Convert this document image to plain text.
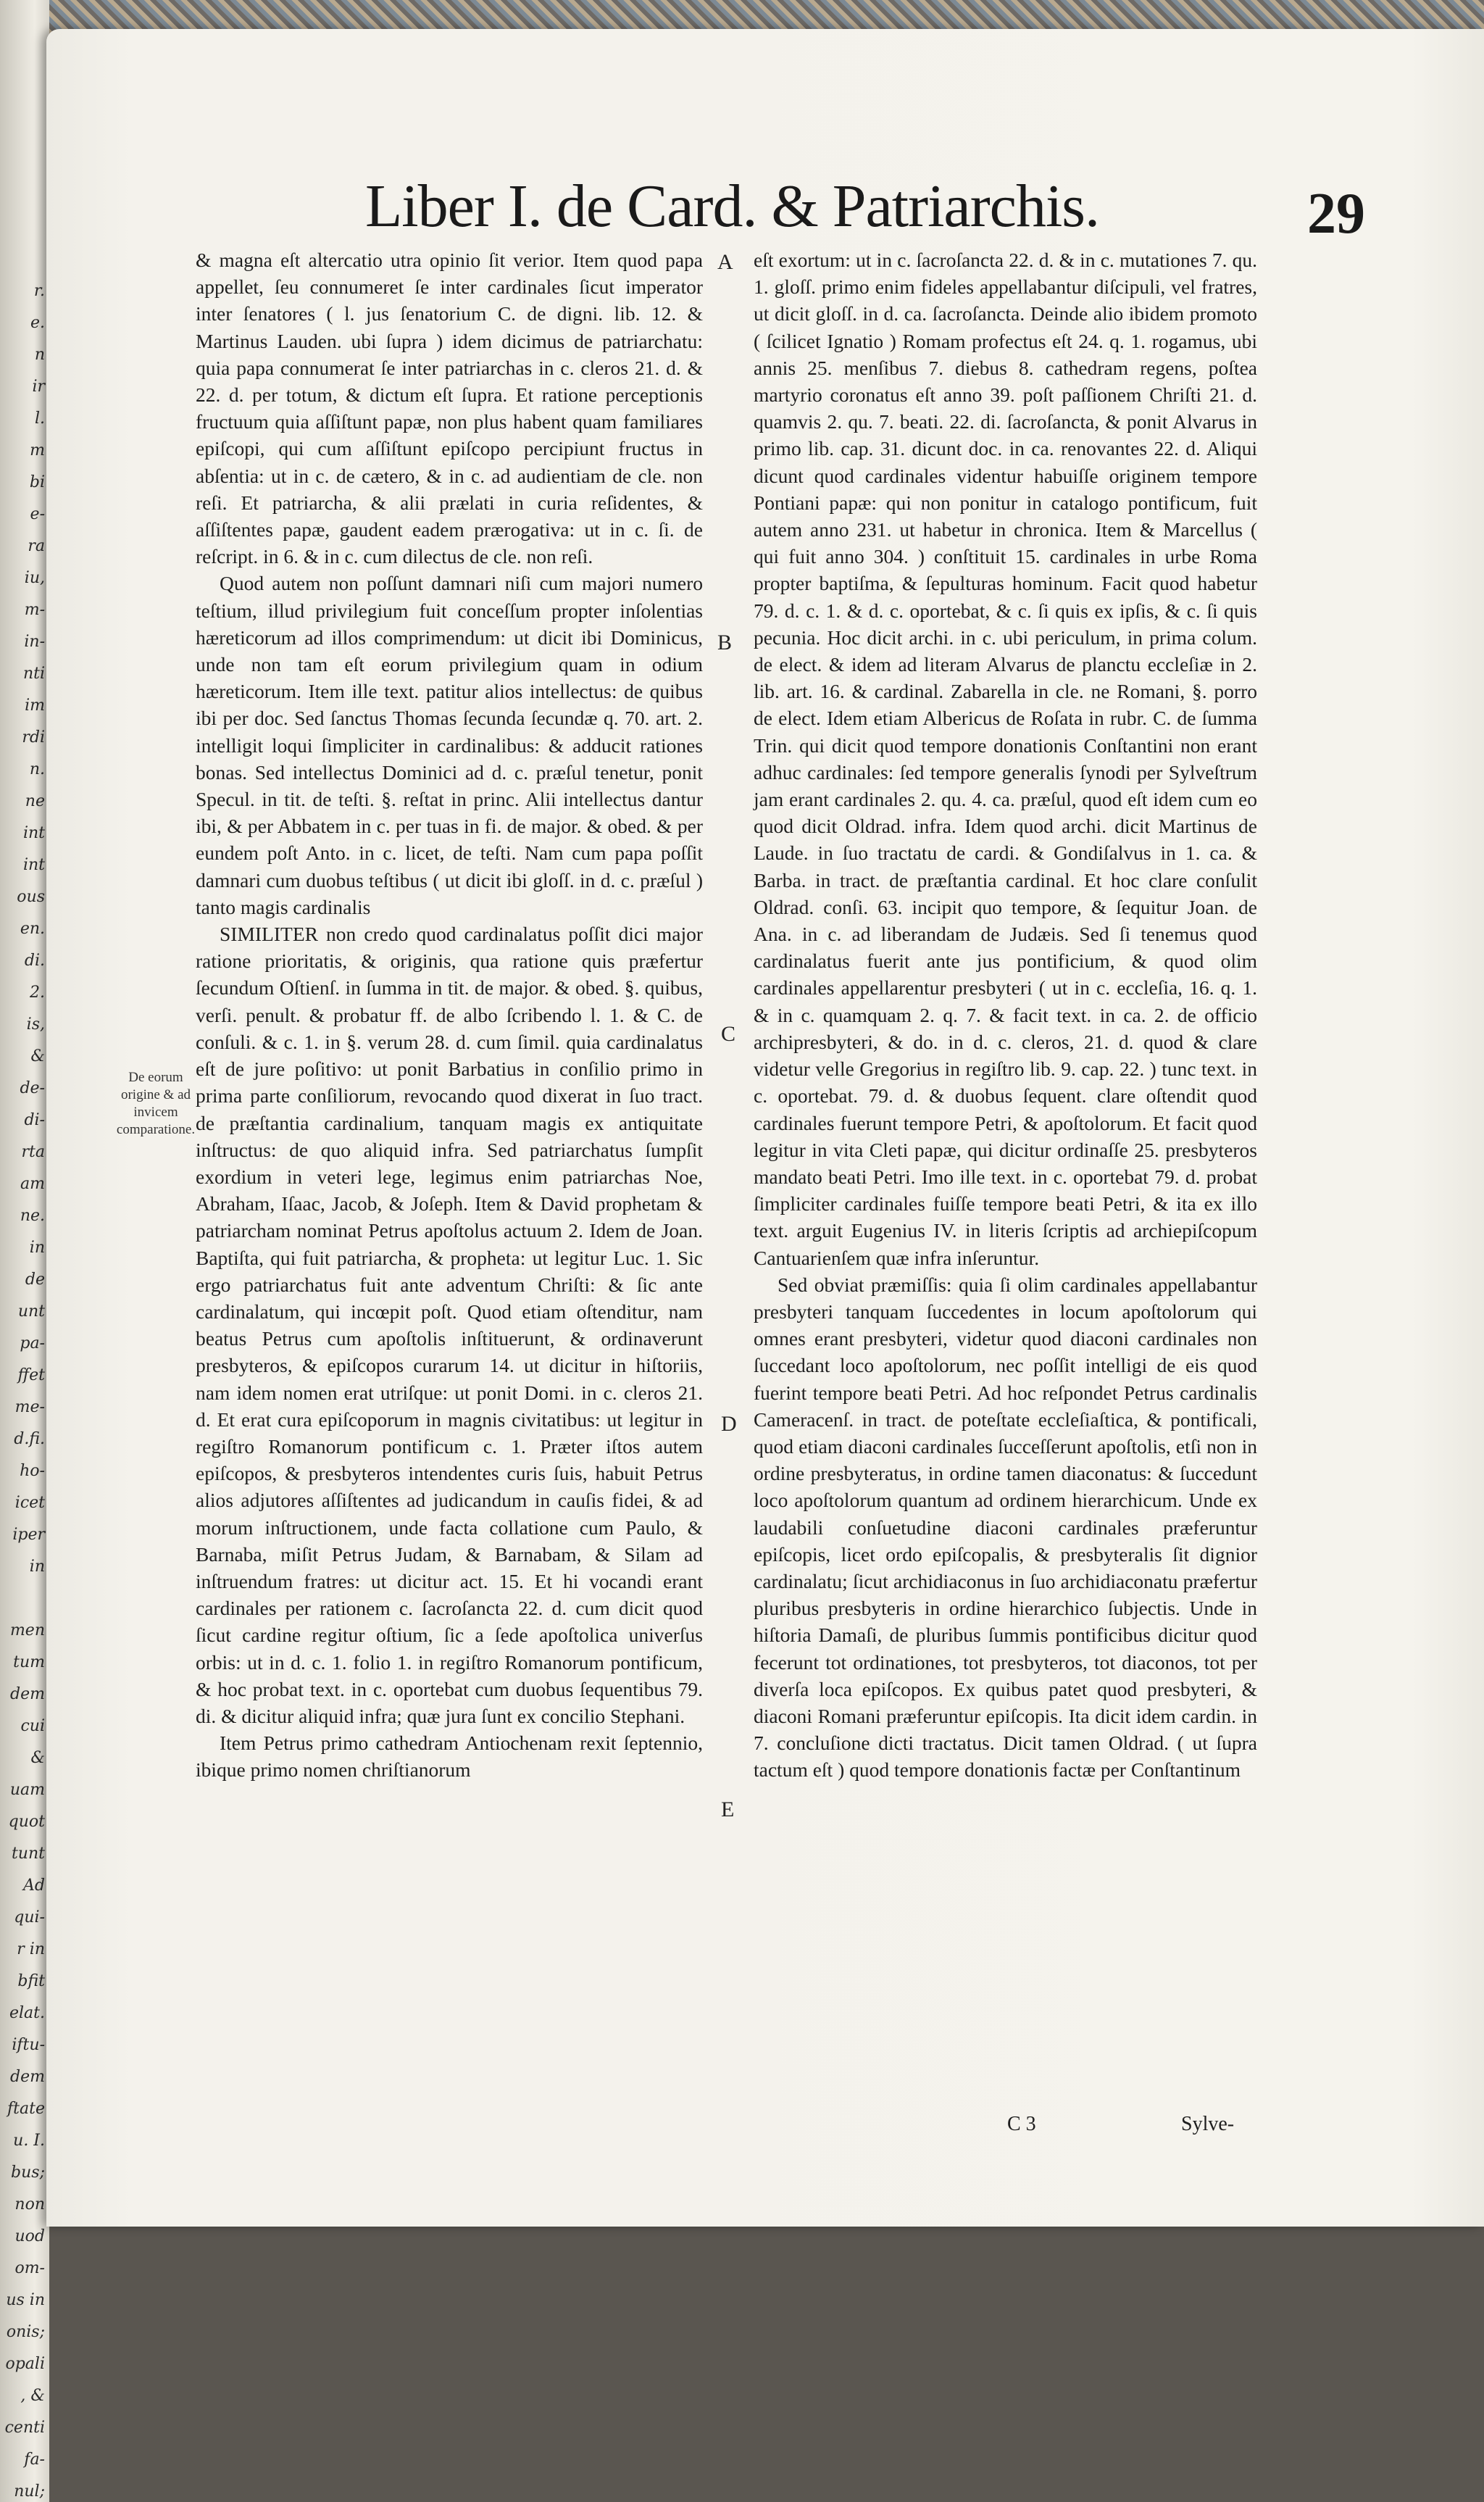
r.
e.
n
ir
l.
m
bi
e-
ra
iu,
m-
in-
nti
im
rdi
n.
ne
int
int
ous
en.
di.
2.
is,
&
de-
di-
rta
am
ne.
in
de
unt
pa-
ffet
me-
d.fi.
ho-
icet
iper
in

men
tum
dem
cui
&
uam
quot
tunt
Ad
qui-
r in
bfit
elat.
iftu-
dem
ftate
u. I.
bus;
non
uod
om-
us in
onis;
opali
, &
centi
fa-
nul;
Liber I. de Card. & Patriarchis.	29

& magna eſt altercatio utra opinio ſit verior. Item quod papa appellet, ſeu connumeret ſe inter cardinales ſicut imperator inter ſenatores ( l. jus ſenatorium C. de digni. lib. 12. & Martinus Lauden. ubi ſupra ) idem dicimus de patriarchatu: quia papa connumerat ſe inter patriarchas in c. cleros 21. d. & 22. d. per totum, & dictum eſt ſupra. Et ratione perceptionis fructuum quia aſſiſtunt papæ, non plus habent quam familiares epiſcopi, qui cum aſſiſtunt epiſcopo percipiunt fructus in abſentia: ut in c. de cætero, & in c. ad audientiam de cle. non reſi. Et patriarcha, & alii prælati in curia reſidentes, & aſſiſtentes papæ, gaudent eadem prærogativa: ut in c. ſi. de reſcript. in 6. & in c. cum dilectus de cle. non reſi.

Quod autem non poſſunt damnari niſi cum majori numero teſtium, illud privilegium fuit conceſſum propter inſolentias hæreticorum ad illos comprimendum: ut dicit ibi Dominicus, unde non tam eſt eorum privilegium quam in odium hæreticorum. Item ille text. patitur alios intellectus: de quibus ibi per doc. Sed ſanctus Thomas ſecunda ſecundæ q. 70. art. 2. intelligit loqui ſimpliciter in cardinalibus: & adducit rationes bonas. Sed intellectus Dominici ad d. c. præſul tenetur, ponit Specul. in tit. de teſti. §. reſtat in princ. Alii intellectus dantur ibi, & per Abbatem in c. per tuas in fi. de major. & obed. & per eundem poſt Anto. in c. licet, de teſti. Nam cum papa poſſit damnari cum duobus teſtibus ( ut dicit ibi gloſſ. in d. c. præſul ) tanto magis cardinalis

SIMILITER non credo quod cardinalatus poſſit dici major ratione prioritatis, & originis, qua ratione quis præfertur ſecundum Oſtienſ. in ſumma in tit. de major. & obed. §. quibus, verſi. penult. & probatur ff. de albo ſcribendo l. 1. & C. de conſuli. & c. 1. in §. verum 28. d. cum ſimil. quia cardinalatus eſt de jure poſitivo: ut ponit Barbatius in conſilio primo in prima parte conſiliorum, revocando quod dixerat in ſuo tract. de præſtantia cardinalium, tanquam magis ex antiquitate inſtructus: de quo aliquid infra. Sed patriarchatus ſumpſit exordium in veteri lege, legimus enim patriarchas Noe, Abraham, Iſaac, Jacob, & Joſeph. Item & David prophetam & patriarcham nominat Petrus apoſtolus actuum 2. Idem de Joan. Baptiſta, qui fuit patriarcha, & propheta: ut legitur Luc. 1. Sic ergo patriarchatus fuit ante adventum Chriſti: & ſic ante cardinalatum, qui incœpit poſt. Quod etiam oſtenditur, nam beatus Petrus cum apoſtolis inſtituerunt, & ordinaverunt presbyteros, & epiſcopos curarum 14. ut dicitur in hiſtoriis, nam idem nomen erat utriſque: ut ponit Domi. in c. cleros 21. d. Et erat cura epiſcoporum in magnis civitatibus: ut legitur in regiſtro Romanorum pontificum c. 1. Præter iſtos autem epiſcopos, & presbyteros intendentes curis ſuis, habuit Petrus alios adjutores aſſiſtentes ad judicandum in cauſis fidei, & ad morum inſtructionem, unde facta collatione cum Paulo, & Barnaba, miſit Petrus Judam, & Barnabam, & Silam ad inſtruendum fratres: ut dicitur act. 15. Et hi vocandi erant cardinales per rationem c. ſacroſancta 22. d. cum dicit quod ſicut cardine regitur oſtium, ſic a ſede apoſtolica univerſus orbis: ut in d. c. 1. folio 1. in regiſtro Romanorum pontificum, & hoc probat text. in c. oportebat cum duobus ſequentibus 79. di. & dicitur aliquid infra; quæ jura ſunt ex concilio Stephani.

Item Petrus primo cathedram Antiochenam rexit ſeptennio, ibique primo nomen chriſtianorum

eſt exortum: ut in c. ſacroſancta 22. d. & in c. mutationes 7. qu. 1. gloſſ. primo enim fideles appellabantur diſcipuli, vel fratres, ut dicit gloſſ. in d. ca. ſacroſancta. Deinde alio ibidem promoto ( ſcilicet Ignatio ) Romam profectus eſt 24. q. 1. rogamus, ubi annis 25. menſibus 7. diebus 8. cathedram regens, poſtea martyrio coronatus eſt anno 39. poſt paſſionem Chriſti 21. d. quamvis 2. qu. 7. beati. 22. di. ſacroſancta, & ponit Alvarus in primo lib. cap. 31. dicunt doc. in ca. renovantes 22. d. Aliqui dicunt quod cardinales videntur habuiſſe originem tempore Pontiani papæ: qui non ponitur in catalogo pontificum, fuit autem anno 231. ut habetur in chronica. Item & Marcellus ( qui fuit anno 304. ) conſtituit 15. cardinales in urbe Roma propter baptiſma, & ſepulturas hominum. Facit quod habetur 79. d. c. 1. & d. c. oportebat, & c. ſi quis ex ipſis, & c. ſi quis pecunia. Hoc dicit archi. in c. ubi periculum, in prima colum. de elect. & idem ad literam Alvarus de planctu eccleſiæ in 2. lib. art. 16. & cardinal. Zabarella in cle. ne Romani, §. porro de elect. Idem etiam Albericus de Roſata in rubr. C. de ſumma Trin. qui dicit quod tempore donationis Conſtantini non erant adhuc cardinales: ſed tempore generalis ſynodi per Sylveſtrum jam erant cardinales 2. qu. 4. ca. præſul, quod eſt idem cum eo quod dicit Oldrad. infra. Idem quod archi. dicit Martinus de Laude. in ſuo tractatu de cardi. & Gondiſalvus in 1. ca. & Barba. in tract. de præſtantia cardinal. Et hoc clare conſulit Oldrad. conſi. 63. incipit quo tempore, & ſequitur Joan. de Ana. in c. ad liberandam de Judæis. Sed ſi tenemus quod cardinalatus fuerit ante jus pontificium, & quod olim cardinales appellarentur presbyteri ( ut in c. eccleſia, 16. q. 1. & in c. quamquam 2. q. 7. & facit text. in ca. 2. de officio archipresbyteri, & do. in d. c. cleros, 21. d. quod & clare videtur velle Gregorius in regiſtro lib. 9. cap. 22. ) tunc text. in c. oportebat. 79. d. & duobus ſequent. clare oſtendit quod cardinales fuerunt tempore Petri, & apoſtolorum. Et facit quod legitur in vita Cleti papæ, qui dicitur ordinaſſe 25. presbyteros mandato beati Petri. Imo ille text. in c. oportebat 79. d. probat ſimpliciter cardinales fuiſſe tempore beati Petri, & ita ex illo text. arguit Eugenius IV. in literis ſcriptis ad archiepiſcopum Cantuarienſem quæ infra inſeruntur.

Sed obviat præmiſſis: quia ſi olim cardinales appellabantur presbyteri tanquam ſuccedentes in locum apoſtolorum qui omnes erant presbyteri, videtur quod diaconi cardinales non ſuccedant loco apoſtolorum, nec poſſit intelligi de eis quod fuerint tempore beati Petri. Ad hoc reſpondet Petrus cardinalis Cameracenſ. in tract. de poteſtate eccleſiaſtica, & pontificali, quod etiam diaconi cardinales ſucceſſerunt apoſtolis, etſi non in ordine presbyteratus, in ordine tamen diaconatus: & ſuccedunt loco apoſtolorum quantum ad ordinem hierarchicum. Unde ex laudabili conſuetudine diaconi cardinales præferuntur epiſcopis, licet ordo epiſcopalis, & presbyteralis ſit dignior cardinalatu; ſicut archidiaconus in ſuo archidiaconatu præfertur pluribus presbyteris in ordine hierarchico ſubjectis. Unde in hiſtoria Damaſi, de pluribus ſummis pontificibus dicitur quod fecerunt tot ordinationes, tot presbyteros, tot diaconos, tot per diverſa loca epiſcopos. Ex quibus patet quod presbyteri, & diaconi Romani præferuntur epiſcopis. Ita dicit idem cardin. in 7. concluſione dicti tractatus. Dicit tamen Oldrad. ( ut ſupra tactum eſt ) quod tempore donationis factæ per Conſtantinum

De eorum origine & ad invicem comparatione.
A
B
C
D
E
C 3	Sylve-
